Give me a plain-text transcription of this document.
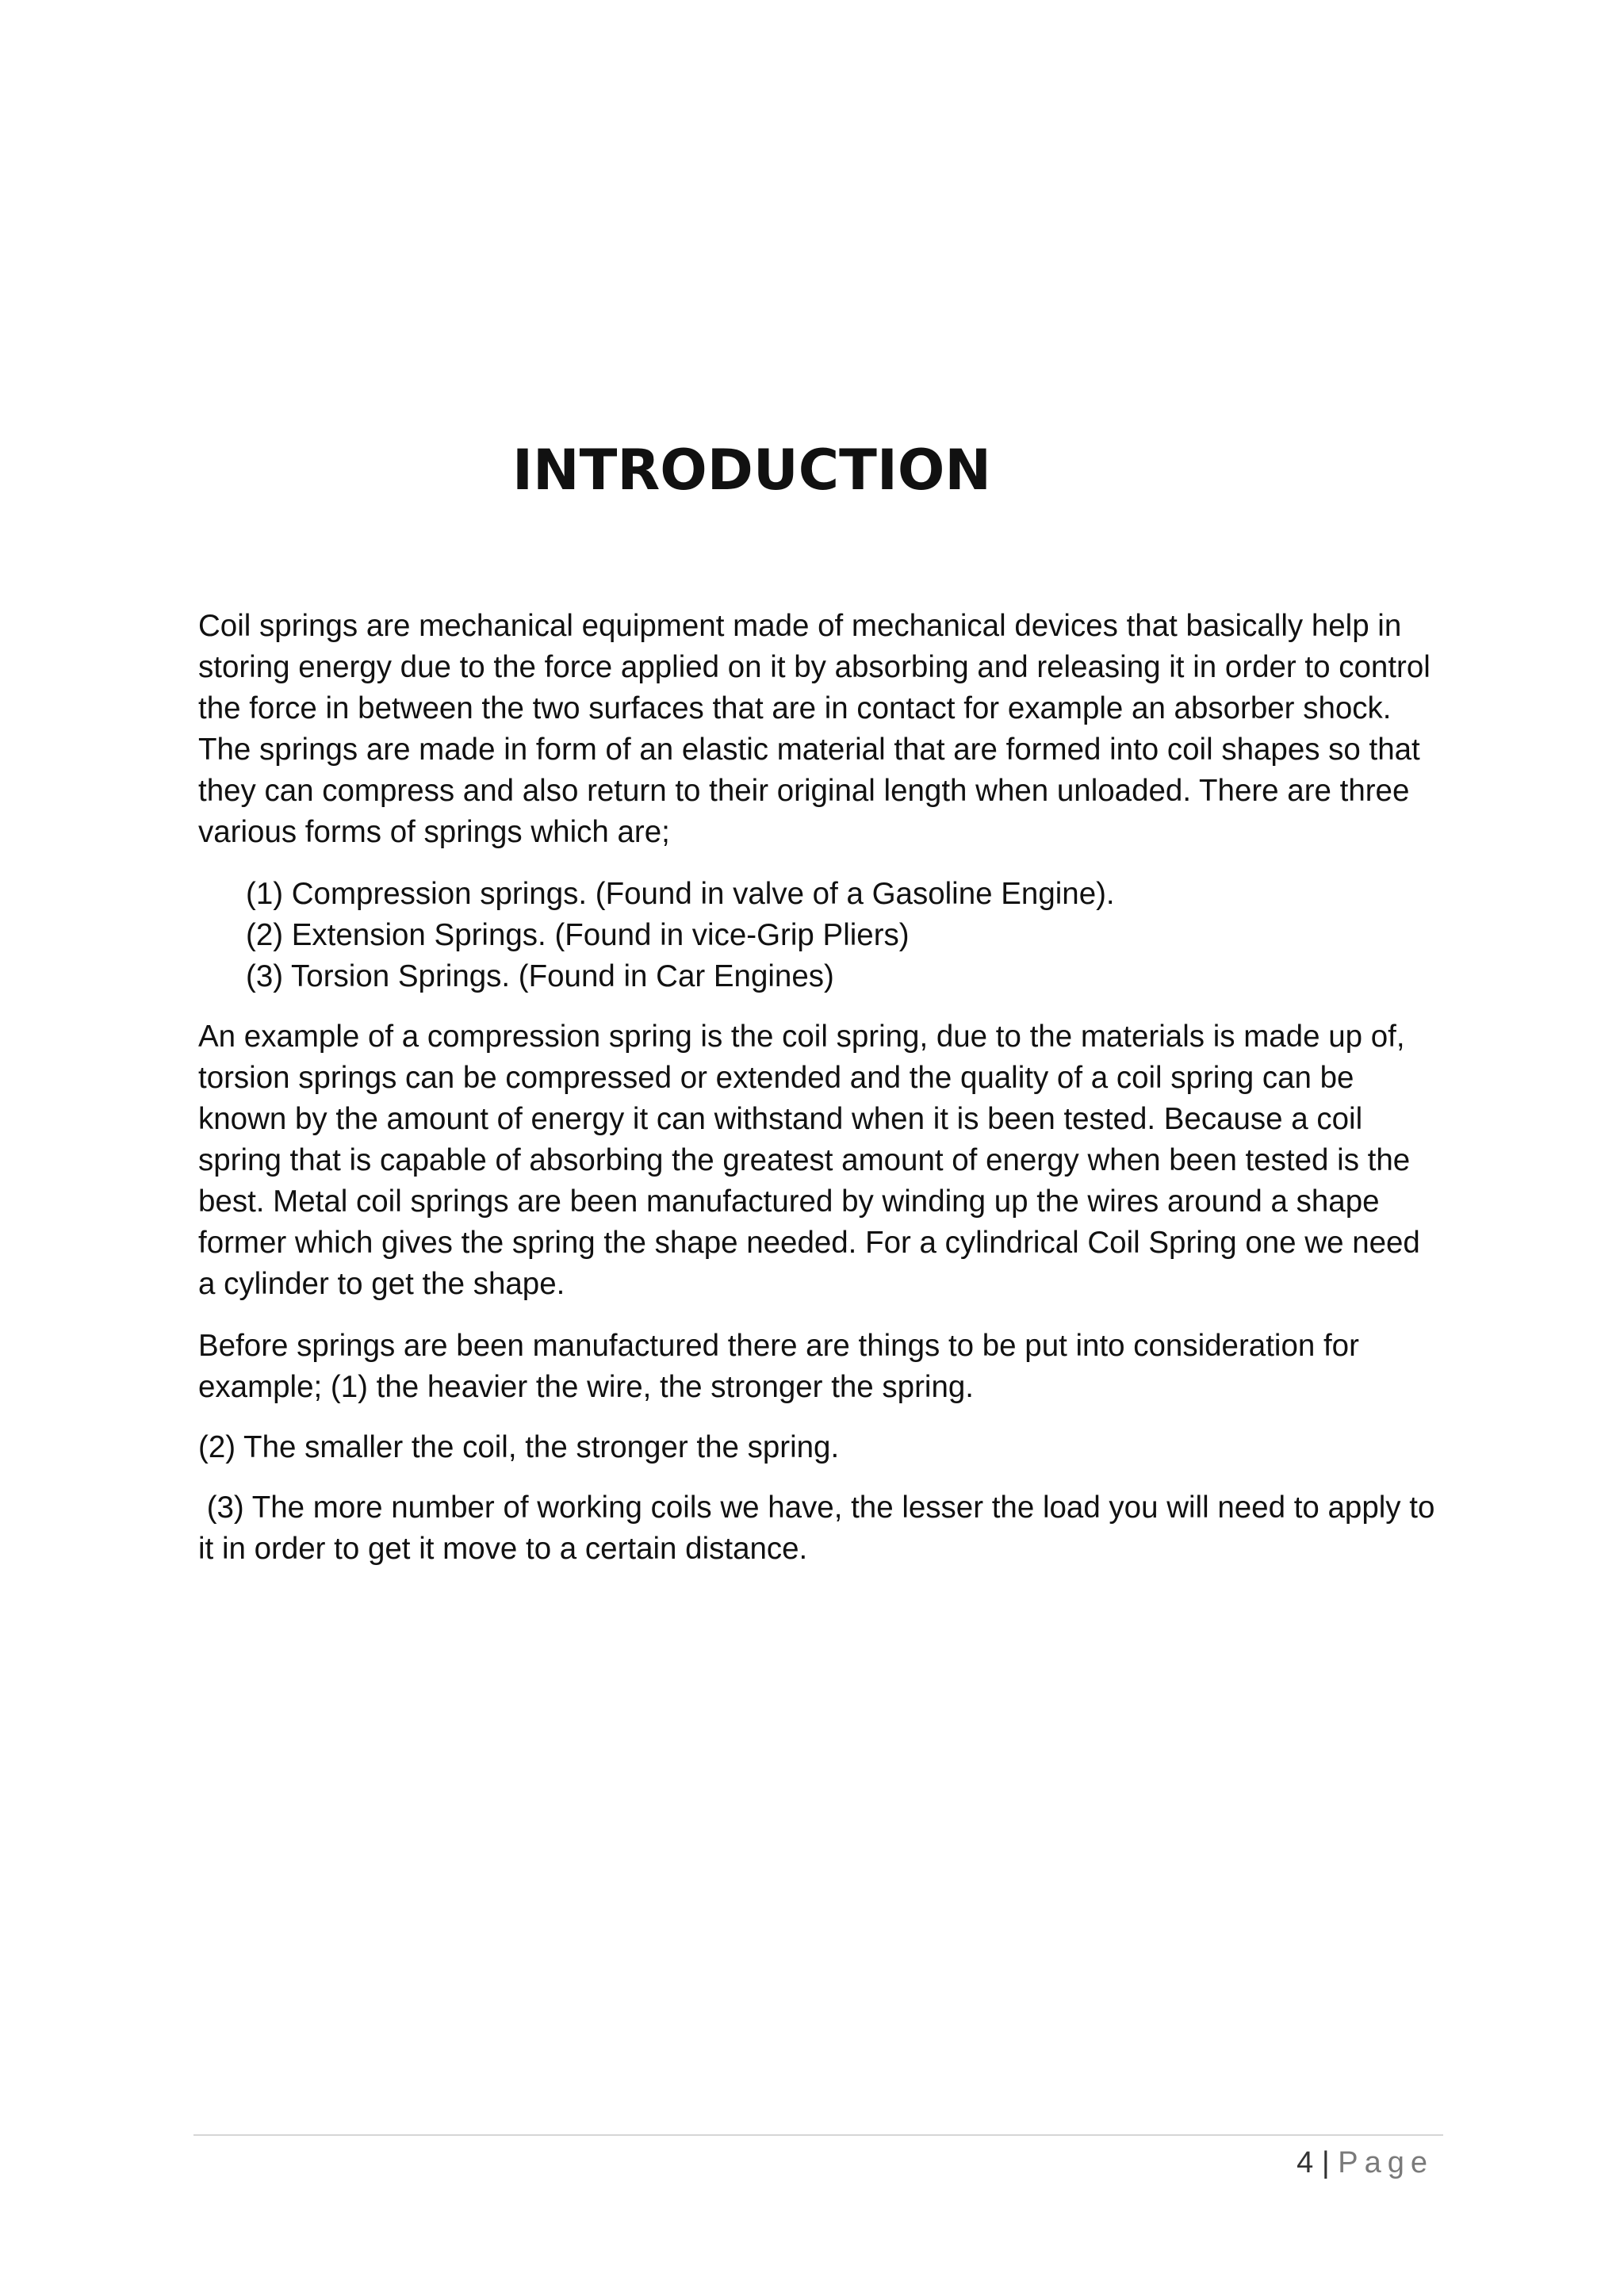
INTRODUCTION

Coil springs are mechanical equipment made of mechanical devices that basically help in storing energy due to the force applied on it by absorbing and releasing it in order to control the force in between the two surfaces that are in contact for example an absorber shock. The springs are made in form of an elastic material that are formed into coil shapes so that they can compress and also return to their original length when unloaded. There are three various forms of springs which are;

(1) Compression springs. (Found in valve of a Gasoline Engine).

(2) Extension Springs. (Found in vice-Grip Pliers)

(3) Torsion Springs. (Found in Car Engines)

An example of a compression spring is the coil spring, due to the materials is made up of, torsion springs can be compressed or extended and the quality of a coil spring can be known by the amount of energy it can withstand when it is been tested. Because a coil spring that is capable of absorbing the greatest amount of energy when been tested is the best. Metal coil springs are been manufactured by winding up the wires around a shape former which gives the spring the shape needed. For a cylindrical Coil Spring one we need a cylinder to get the shape.

Before springs are been manufactured there are things to be put into consideration for example; (1) the heavier the wire, the stronger the spring.

(2) The smaller the coil, the stronger the spring.

(3) The more number of working coils we have, the lesser the load you will need to apply to it in order to get it move to a certain distance.

4 | Page
